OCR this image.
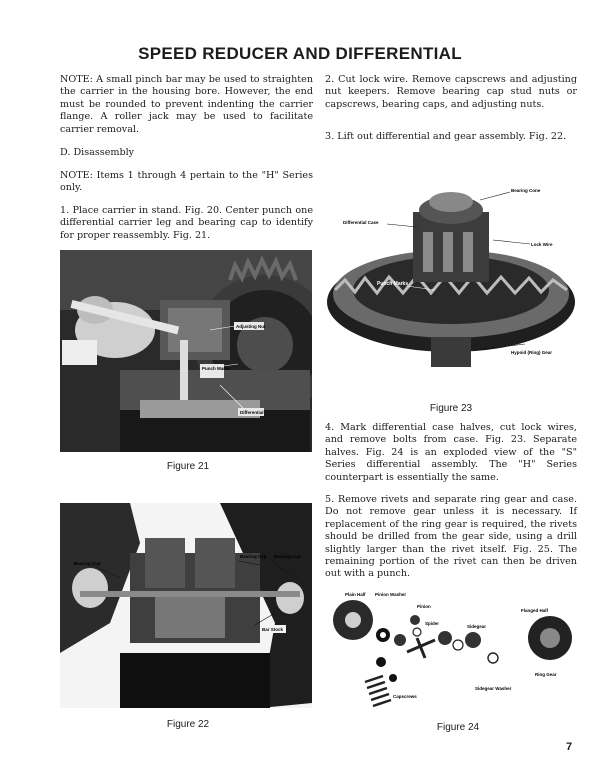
SPEED REDUCER AND DIFFERENTIAL

NOTE: A small pinch bar may be used to straighten the carrier in the housing bore. However, the end must be rounded to prevent indenting the carrier flange. A roller jack may be used to facilitate carrier removal.

D. Disassembly

NOTE: Items 1 through 4 pertain to the "H" Series only.

1. Place carrier in stand. Fig. 20. Center punch one differential carrier leg and bearing cap to identify for proper reassembly. Fig. 21.

Adjusting Nut
Punch Marks
Differential
Figure 21
Bearing Cup
Bearing Cap Bearing Cup
Bar Stock
Figure 22

2. Cut lock wire. Remove capscrews and adjusting nut keepers. Remove bearing cap stud nuts or capscrews, bearing caps, and adjusting nuts.

3. Lift out differential and gear assembly. Fig. 22.

Bearing Cone
Differential Case
Lock Wire
Punch Marks
Hypoid (Ring) Gear
Figure 23

4. Mark differential case halves, cut lock wires, and remove bolts from case. Fig. 23. Separate halves. Fig. 24 is an exploded view of the "S" Series differential assembly. The "H" Series counterpart is essentially the same.

5. Remove rivets and separate ring gear and case. Do not remove gear unless it is necessary. If replacement of the ring gear is required, the rivets should be drilled from the gear side, using a drill slightly larger than the rivet itself. Fig. 25. The remaining portion of the rivet can then be driven out with a punch.

Plain Half Pinion Washer
Pinion
Spider
Sidegear
Flanged Half
Capscrews
Sidegear Washer
Ring Gear
Figure 24
7
